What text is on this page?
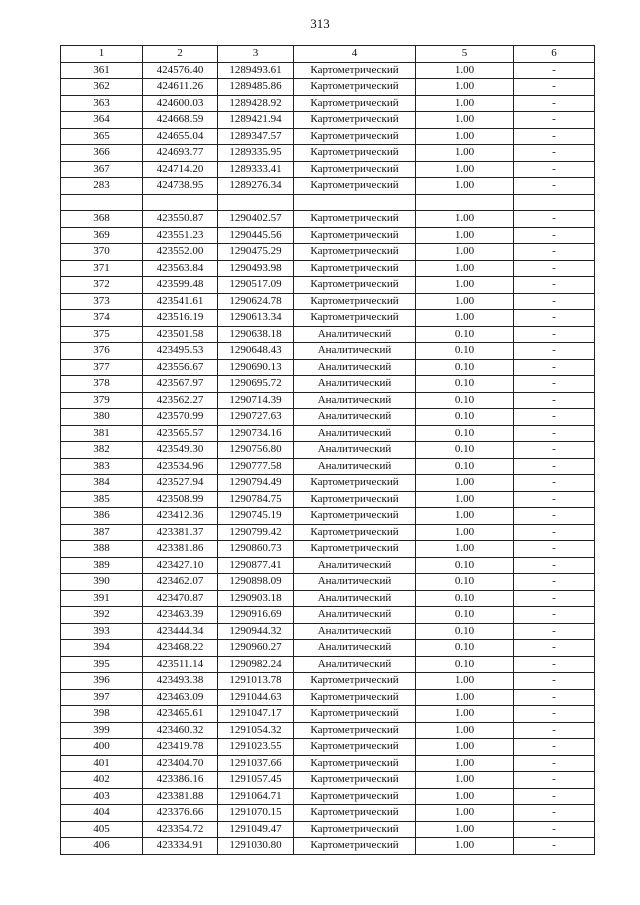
313
1	2	3	4	5	6
361	424576.40	1289493.61	Картометрический	1.00	-
362	424611.26	1289485.86	Картометрический	1.00	-
363	424600.03	1289428.92	Картометрический	1.00	-
364	424668.59	1289421.94	Картометрический	1.00	-
365	424655.04	1289347.57	Картометрический	1.00	-
366	424693.77	1289335.95	Картометрический	1.00	-
367	424714.20	1289333.41	Картометрический	1.00	-
283	424738.95	1289276.34	Картометрический	1.00	-

368	423550.87	1290402.57	Картометрический	1.00	-
369	423551.23	1290445.56	Картометрический	1.00	-
370	423552.00	1290475.29	Картометрический	1.00	-
371	423563.84	1290493.98	Картометрический	1.00	-
372	423599.48	1290517.09	Картометрический	1.00	-
373	423541.61	1290624.78	Картометрический	1.00	-
374	423516.19	1290613.34	Картометрический	1.00	-
375	423501.58	1290638.18	Аналитический	0.10	-
376	423495.53	1290648.43	Аналитический	0.10	-
377	423556.67	1290690.13	Аналитический	0.10	-
378	423567.97	1290695.72	Аналитический	0.10	-
379	423562.27	1290714.39	Аналитический	0.10	-
380	423570.99	1290727.63	Аналитический	0.10	-
381	423565.57	1290734.16	Аналитический	0.10	-
382	423549.30	1290756.80	Аналитический	0.10	-
383	423534.96	1290777.58	Аналитический	0.10	-
384	423527.94	1290794.49	Картометрический	1.00	-
385	423508.99	1290784.75	Картометрический	1.00	-
386	423412.36	1290745.19	Картометрический	1.00	-
387	423381.37	1290799.42	Картометрический	1.00	-
388	423381.86	1290860.73	Картометрический	1.00	-
389	423427.10	1290877.41	Аналитический	0.10	-
390	423462.07	1290898.09	Аналитический	0.10	-
391	423470.87	1290903.18	Аналитический	0.10	-
392	423463.39	1290916.69	Аналитический	0.10	-
393	423444.34	1290944.32	Аналитический	0.10	-
394	423468.22	1290960.27	Аналитический	0.10	-
395	423511.14	1290982.24	Аналитический	0.10	-
396	423493.38	1291013.78	Картометрический	1.00	-
397	423463.09	1291044.63	Картометрический	1.00	-
398	423465.61	1291047.17	Картометрический	1.00	-
399	423460.32	1291054.32	Картометрический	1.00	-
400	423419.78	1291023.55	Картометрический	1.00	-
401	423404.70	1291037.66	Картометрический	1.00	-
402	423386.16	1291057.45	Картометрический	1.00	-
403	423381.88	1291064.71	Картометрический	1.00	-
404	423376.66	1291070.15	Картометрический	1.00	-
405	423354.72	1291049.47	Картометрический	1.00	-
406	423334.91	1291030.80	Картометрический	1.00	-
